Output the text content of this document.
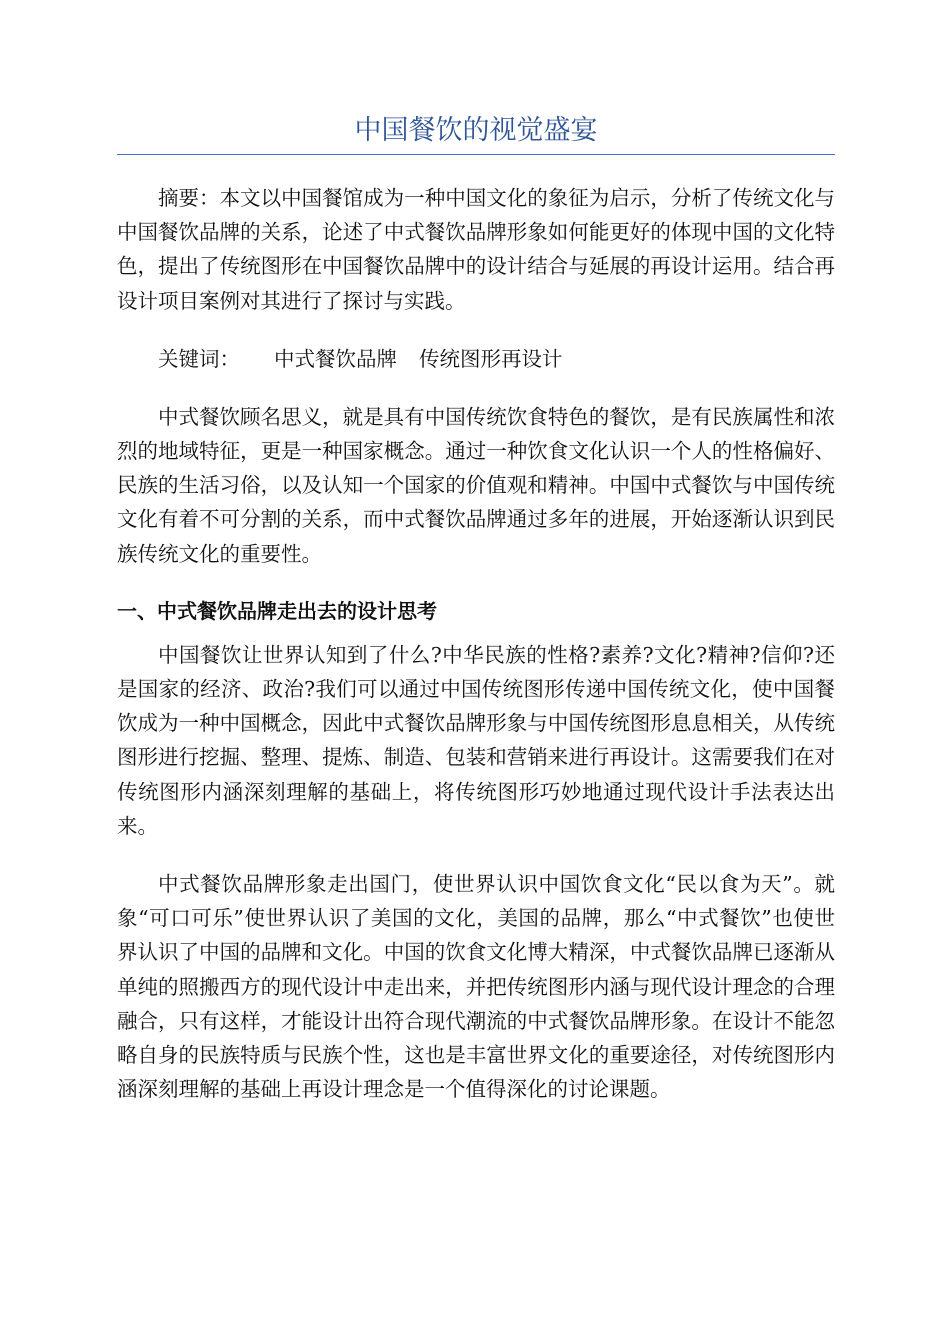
中国餐饮的视觉盛宴

摘要：本文以中国餐馆成为一种中国文化的象征为启示，分析了传统文化与中国餐饮品牌的关系，论述了中式餐饮品牌形象如何能更好的体现中国的文化特色，提出了传统图形在中国餐饮品牌中的设计结合与延展的再设计运用。结合再设计项目案例对其进行了探讨与实践。

关键词： 中式餐饮品牌 传统图形再设计

中式餐饮顾名思义，就是具有中国传统饮食特色的餐饮，是有民族属性和浓烈的地域特征，更是一种国家概念。通过一种饮食文化认识一个人的性格偏好、民族的生活习俗，以及认知一个国家的价值观和精神。中国中式餐饮与中国传统文化有着不可分割的关系，而中式餐饮品牌通过多年的进展，开始逐渐认识到民族传统文化的重要性。

一、中式餐饮品牌走出去的设计思考

中国餐饮让世界认知到了什么?中华民族的性格?素养?文化?精神?信仰?还是国家的经济、政治?我们可以通过中国传统图形传递中国传统文化，使中国餐饮成为一种中国概念，因此中式餐饮品牌形象与中国传统图形息息相关，从传统图形进行挖掘、整理、提炼、制造、包装和营销来进行再设计。这需要我们在对传统图形内涵深刻理解的基础上，将传统图形巧妙地通过现代设计手法表达出来。

中式餐饮品牌形象走出国门，使世界认识中国饮食文化“民以食为天”。就象“可口可乐”使世界认识了美国的文化，美国的品牌，那么“中式餐饮”也使世界认识了中国的品牌和文化。中国的饮食文化博大精深，中式餐饮品牌已逐渐从单纯的照搬西方的现代设计中走出来，并把传统图形内涵与现代设计理念的合理融合，只有这样，才能设计出符合现代潮流的中式餐饮品牌形象。在设计不能忽略自身的民族特质与民族个性，这也是丰富世界文化的重要途径，对传统图形内涵深刻理解的基础上再设计理念是一个值得深化的讨论课题。
